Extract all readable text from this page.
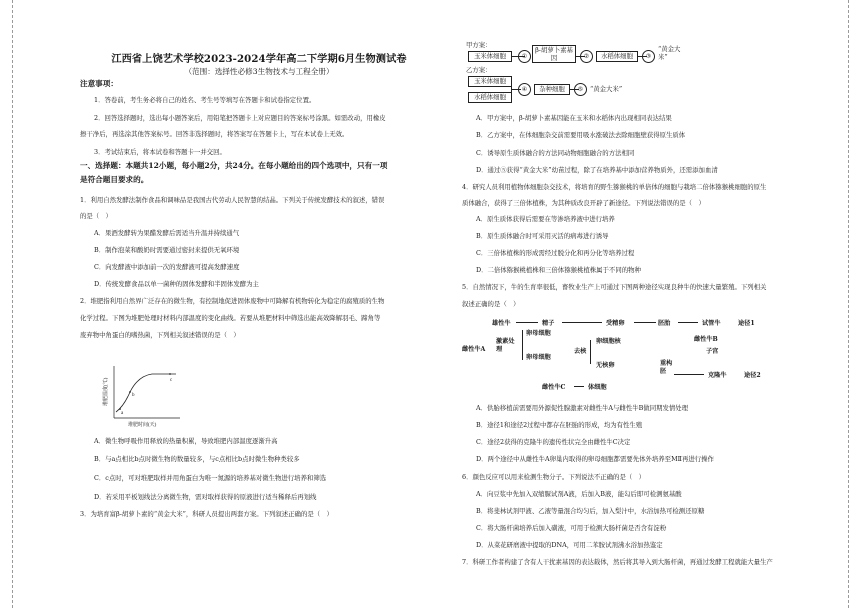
江西省上饶艺术学校2023-2024学年高二下学期6月生物测试卷
（范围：选择性必修3生物技术与工程全册）
注意事项：
1．答卷前，考生务必将自己的姓名、考生号等填写在答题卡和试卷指定位置。
2．回答选择题时，选出每小题答案后，用铅笔把答题卡上对应题目的答案标号涂黑。如需改动，用橡皮
擦干净后，再选涂其他答案标号。回答非选择题时，将答案写在答题卡上，写在本试卷上无效。
3．考试结束后，将本试卷和答题卡一并交回。
一、选择题：本题共12小题，每小题2分，共24分。在每小题给出的四个选项中，只有一项
是符合题目要求的。
1．利用自然发酵法制作食品和调味品是我国古代劳动人民智慧的结晶。下列关于传统发酵技术的叙述，错误
的是（　）
A．果酒发酵转为果醋发酵后需适当升温并持续通气
B．制作泡菜和酸奶时需要通过密封来提供无氧环境
C．向发酵液中添加前一次的发酵液可提高发酵速度
D．传统发酵食品以单一菌种的固体发酵和半固体发酵为主
2．堆肥指利用自然界广泛存在的微生物，有控制地促进固体废物中可降解有机物转化为稳定的腐殖质的生物
化学过程。下图为堆肥处理时材料内部温度的变化曲线。若要从堆肥材料中筛选出能高效降解羽毛、蹄角等
废弃物中角蛋白的嗜热菌，下列相关叙述错误的是（　）
a
b
c
堆肥时间(天)
堆肥温度(℃)
A．微生物呼吸作用释放的热量积累，导致堆肥内部温度逐渐升高
B．与a点相比b点时微生物的数量较多，与c点相比b点时微生物种类较多
C．c点时，可对堆肥取样并用角蛋白为唯一氮源的培养基对微生物进行培养和筛选
D．若采用平板划线法分离微生物，需对取样获得的原液进行适当稀释后再划线
3．为培育富β-胡萝卜素的“黄金大米”，科研人员提出两套方案。下列叙述正确的是（　）
甲方案：
玉米体细胞	①
β-胡萝卜素基因	②	水稻体细胞	③
“黄金大米”
乙方案：
玉米体细胞
水稻体细胞
④	杂种细胞	⑤	“黄金大米”
A．甲方案中，β-胡萝卜素基因能在玉米和水稻体内出现相同表达结果
B．乙方案中，在体细胞杂交前需要用吸水涨破法去除细胞壁获得原生质体
C．诱导原生质体融合的方法同动物细胞融合的方法相同
D．通过⑤获得“黄金大米”幼苗过程，除了在培养基中添加营养物质外，还需添加血清
4．研究人员利用植物体细胞杂交技术，将培育的野生猕猴桃的单倍体的细胞与栽培二倍体猕猴桃细胞的原生
质体融合，获得了三倍体植株，为其种质改良开辟了新途径。下列说法错误的是（　）
A．原生质体获得后需要在等渗培养液中进行培养
B．原生质体融合时可采用灭活的病毒进行诱导
C．三倍体植株的形成需经过脱分化和再分化等培养过程
D．二倍体猕猴桃植株和三倍体猕猴桃植株属于不同的物种
5．自然情况下，牛的生育率很低，畜牧业生产上可通过下图两种途径实现良种牛的快速大量繁殖。下列相关
叙述正确的是（　）
雄性牛	精子	受精卵	胚胎	试管牛	途径1
雌性牛A
激素处理
卵母细胞
卵母细胞
去核
卵细胞核
无核卵	重构胚
雌性牛B
子宫
雌性牛C	体细胞
克隆牛	途径2
A．供胎移植前需要用外源促性腺激素对雌性牛A与雌性牛B做同期发情处理
B．途径1和途径2过程中都存在胚胎的形成，均为有性生殖
C．途径2获得的克隆牛的遗传性状完全由雌性牛C决定
D．两个途径中从雌性牛A卵巢内取得的卵母细胞都需要先体外培养至MⅡ再进行操作
6．颜色反应可以用来检测生物分子。下列说法不正确的是（　）
A．向豆浆中先加入双缩脲试剂A液，后加入B液，能勾后即可检测氨基酸
B．将斐林试剂甲液、乙液等量混合均匀后，加入梨汁中，水浴加热可检测还原糖
C．将大肠杆菌培养后加入磺液，可用于检测大肠杆菌是否含有淀粉
D．从菜花研磨液中提取的DNA，可用二苯胺试剂沸水浴加热鉴定
7．科研工作者构建了含有人干扰素基因的表达载体，然后将其导入到大肠杆菌，再通过发酵工程就能大量生产
